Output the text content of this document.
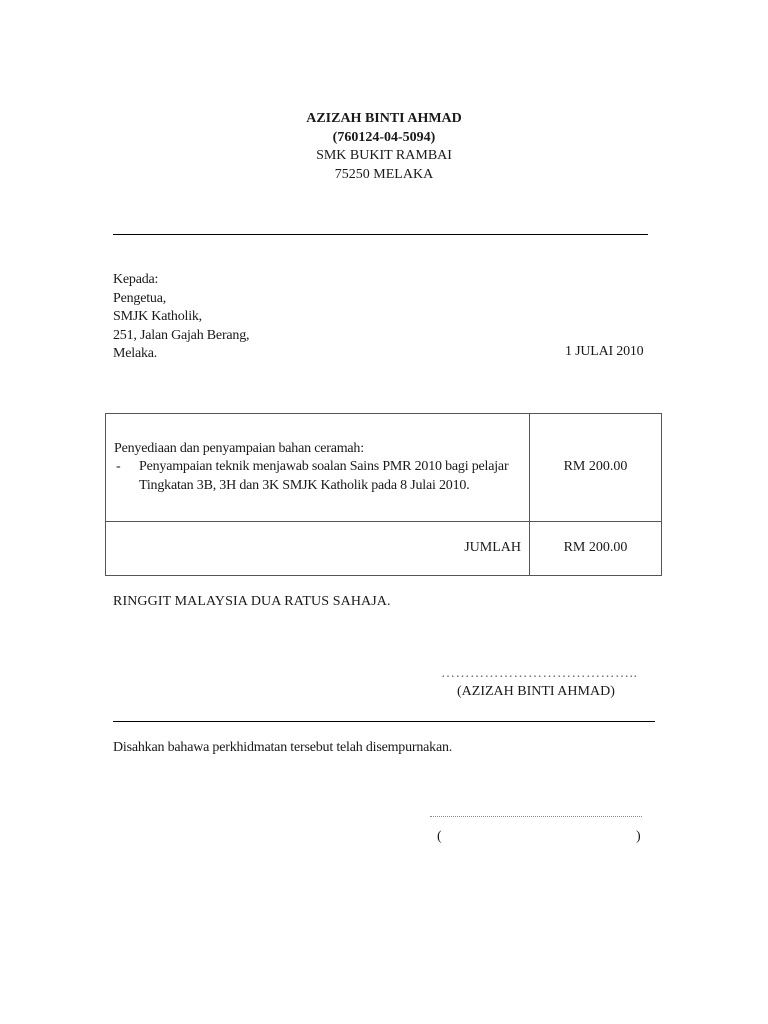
AZIZAH BINTI AHMAD
(760124-04-5094)
SMK BUKIT RAMBAI
75250 MELAKA
Kepada:
Pengetua,
SMJK Katholik,
251, Jalan Gajah Berang,
Melaka.	1 JULAI 2010
Penyediaan dan penyampaian bahan ceramah:
- Penyampaian teknik menjawab soalan Sains PMR 2010 bagi pelajar Tingkatan 3B, 3H dan 3K SMJK Katholik pada 8 Julai 2010.	RM 200.00
JUMLAH	RM 200.00
RINGGIT MALAYSIA DUA RATUS SAHAJA.
…………………………………..
(AZIZAH BINTI AHMAD)
Disahkan bahawa perkhidmatan tersebut telah disempurnakan.
(	)
